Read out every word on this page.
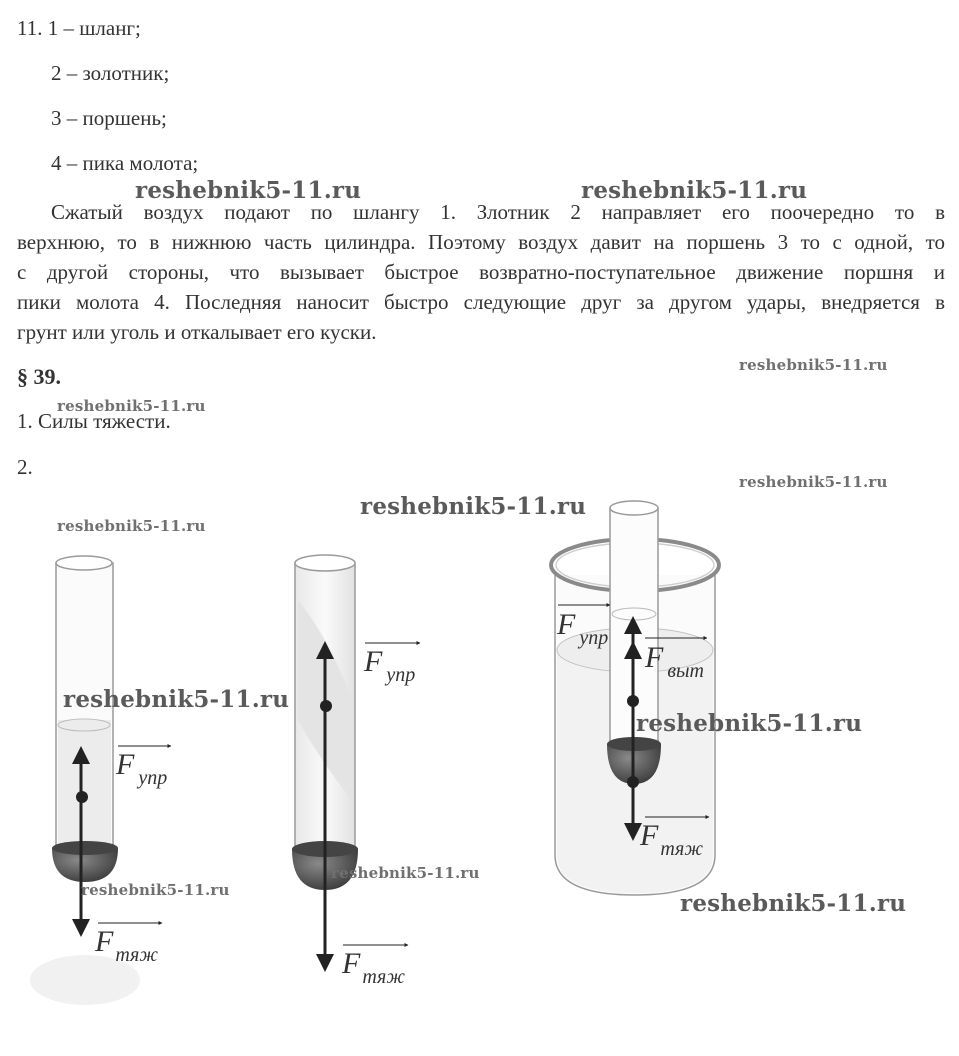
11. 1 – шланг;
2 – золотник;
3 – поршень;
4 – пика молота;
Сжатый воздух подают по шлангу 1. Злотник 2 направляет его поочередно то в
верхнюю, то в нижнюю часть цилиндра. Поэтому воздух давит на поршень 3 то с одной, то
с другой стороны, что вызывает быстрое возвратно-поступательное движение поршня и
пики молота 4. Последняя наносит быстро следующие друг за другом удары, внедряется в
грунт или уголь и откалывает его куски.
§ 39.
1. Силы тяжести.
2.
F $_{упр}$
F $_{тяж}$
F $_{упр}$
F $_{тяж}$
F $_{упр}$
F $_{выт}$
F $_{тяж}$
reshebnik5-11.ru	reshebnik5-11.ru
reshebnik5-11.ru
reshebnik5-11.ru
reshebnik5-11.ru
reshebnik5-11.ru
reshebnik5-11.ru
reshebnik5-11.ru
reshebnik5-11.ru
reshebnik5-11.ru
reshebnik5-11.ru	reshebnik5-11.ru
